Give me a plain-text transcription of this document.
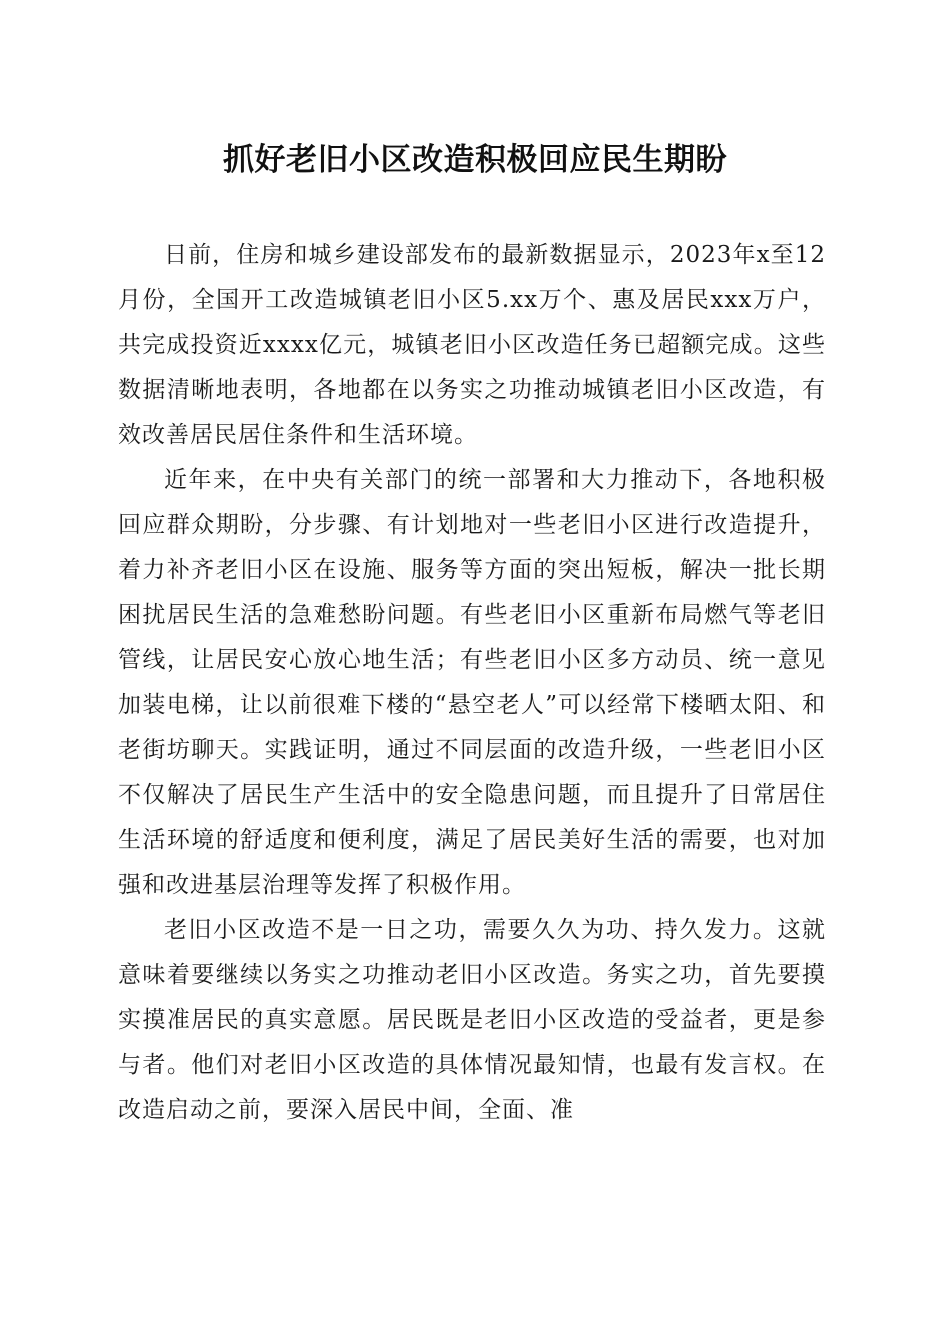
抓好老旧小区改造积极回应民生期盼

日前，住房和城乡建设部发布的最新数据显示，2023年x至12月份，全国开工改造城镇老旧小区5.xx万个、惠及居民xxx万户，共完成投资近xxxx亿元，城镇老旧小区改造任务已超额完成。这些数据清晰地表明，各地都在以务实之功推动城镇老旧小区改造，有效改善居民居住条件和生活环境。

近年来，在中央有关部门的统一部署和大力推动下，各地积极回应群众期盼，分步骤、有计划地对一些老旧小区进行改造提升，着力补齐老旧小区在设施、服务等方面的突出短板，解决一批长期困扰居民生活的急难愁盼问题。有些老旧小区重新布局燃气等老旧管线，让居民安心放心地生活；有些老旧小区多方动员、统一意见加装电梯，让以前很难下楼的“悬空老人”可以经常下楼晒太阳、和老街坊聊天。实践证明，通过不同层面的改造升级，一些老旧小区不仅解决了居民生产生活中的安全隐患问题，而且提升了日常居住生活环境的舒适度和便利度，满足了居民美好生活的需要，也对加强和改进基层治理等发挥了积极作用。

老旧小区改造不是一日之功，需要久久为功、持久发力。这就意味着要继续以务实之功推动老旧小区改造。务实之功，首先要摸实摸准居民的真实意愿。居民既是老旧小区改造的受益者，更是参与者。他们对老旧小区改造的具体情况最知情，也最有发言权。在改造启动之前，要深入居民中间，全面、准
